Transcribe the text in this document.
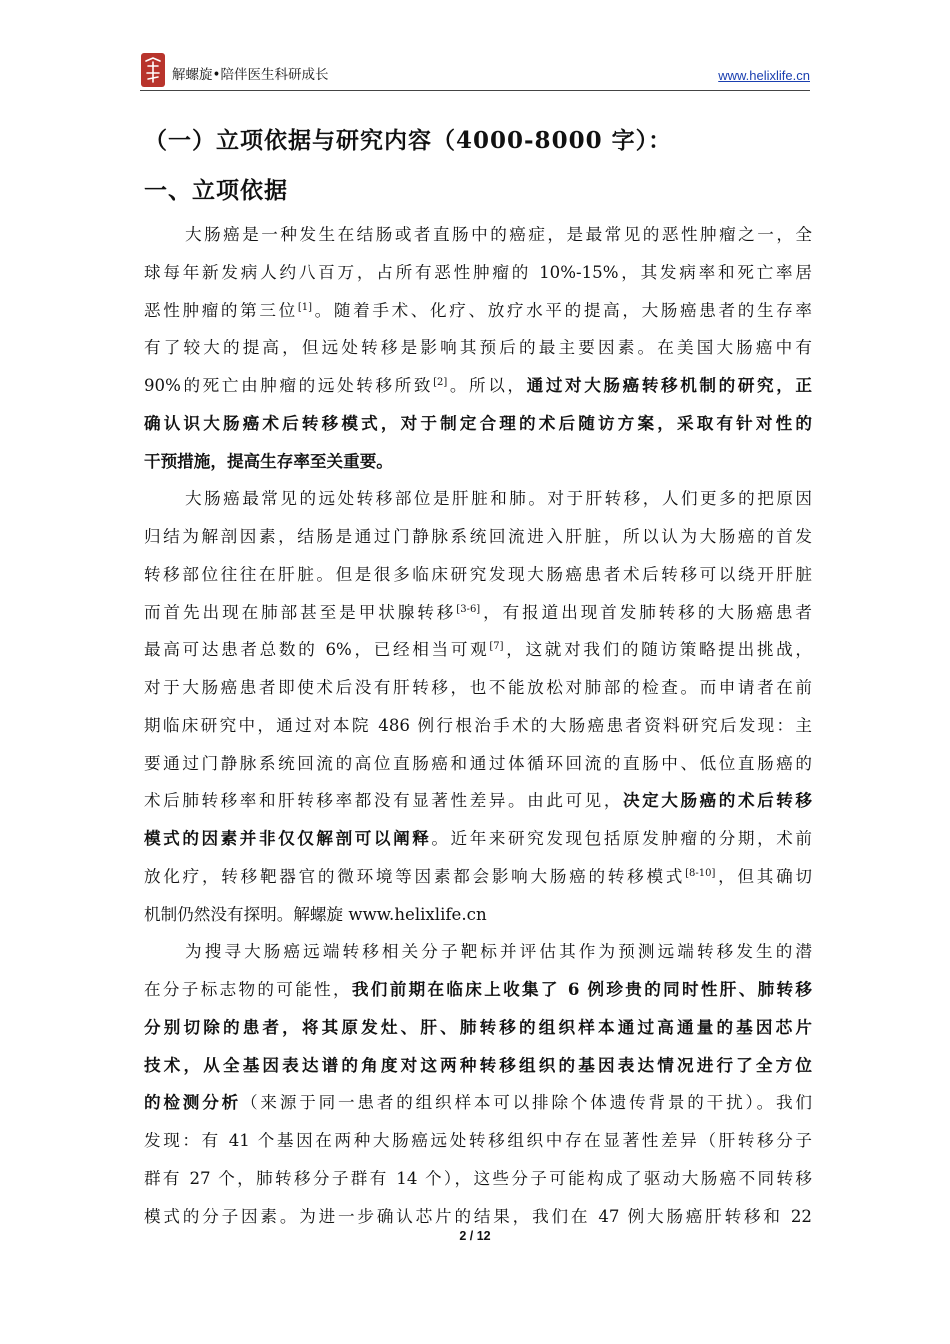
解螺旋•陪伴医生科研成长	www.helixlife.cn
（一）立项依据与研究内容（4000-8000 字）：
一、立项依据
大肠癌是一种发生在结肠或者直肠中的癌症，是最常见的恶性肿瘤之一，全
球每年新发病人约八百万，占所有恶性肿瘤的 10%-15%，其发病率和死亡率居
恶性肿瘤的第三位[1]。随着手术、化疗、放疗水平的提高，大肠癌患者的生存率
有了较大的提高，但远处转移是影响其预后的最主要因素。在美国大肠癌中有
90%的死亡由肿瘤的远处转移所致[2]。所以，通过对大肠癌转移机制的研究，正
确认识大肠癌术后转移模式，对于制定合理的术后随访方案，采取有针对性的
干预措施，提高生存率至关重要。
大肠癌最常见的远处转移部位是肝脏和肺。对于肝转移，人们更多的把原因
归结为解剖因素，结肠是通过门静脉系统回流进入肝脏，所以认为大肠癌的首发
转移部位往往在肝脏。但是很多临床研究发现大肠癌患者术后转移可以绕开肝脏
而首先出现在肺部甚至是甲状腺转移[3-6]，有报道出现首发肺转移的大肠癌患者
最高可达患者总数的 6%，已经相当可观[7]，这就对我们的随访策略提出挑战，
对于大肠癌患者即使术后没有肝转移，也不能放松对肺部的检查。而申请者在前
期临床研究中，通过对本院 486 例行根治手术的大肠癌患者资料研究后发现：主
要通过门静脉系统回流的高位直肠癌和通过体循环回流的直肠中、低位直肠癌的
术后肺转移率和肝转移率都没有显著性差异。由此可见，决定大肠癌的术后转移
模式的因素并非仅仅解剖可以阐释。近年来研究发现包括原发肿瘤的分期，术前
放化疗，转移靶器官的微环境等因素都会影响大肠癌的转移模式[8-10]，但其确切
机制仍然没有探明。解螺旋 www.helixlife.cn
为搜寻大肠癌远端转移相关分子靶标并评估其作为预测远端转移发生的潜
在分子标志物的可能性，我们前期在临床上收集了 6 例珍贵的同时性肝、肺转移
分别切除的患者，将其原发灶、肝、肺转移的组织样本通过高通量的基因芯片
技术，从全基因表达谱的角度对这两种转移组织的基因表达情况进行了全方位
的检测分析（来源于同一患者的组织样本可以排除个体遗传背景的干扰）。我们
发现：有 41 个基因在两种大肠癌远处转移组织中存在显著性差异（肝转移分子
群有 27 个，肺转移分子群有 14 个），这些分子可能构成了驱动大肠癌不同转移
模式的分子因素。为进一步确认芯片的结果，我们在 47 例大肠癌肝转移和 22
2 / 12
